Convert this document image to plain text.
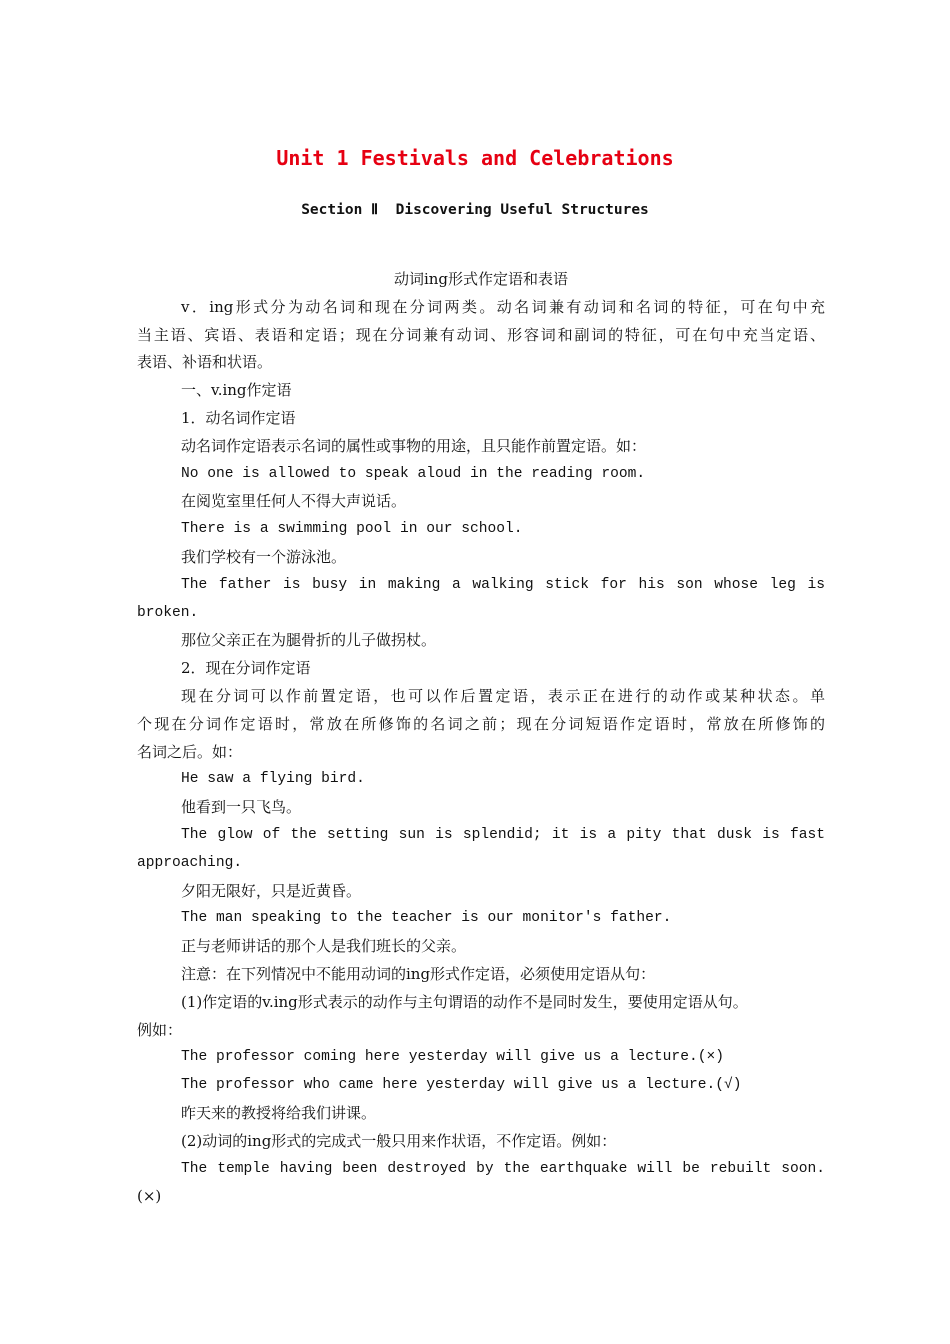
Unit 1 Festivals and Celebrations
Section Ⅱ  Discovering Useful Structures
动词ing形式作定语和表语
v．ing形式分为动名词和现在分词两类。动名词兼有动词和名词的特征，可在句中充
当主语、宾语、表语和定语；现在分词兼有动词、形容词和副词的特征，可在句中充当定语、
表语、补语和状语。
一、v.ing作定语
1．动名词作定语
动名词作定语表示名词的属性或事物的用途，且只能作前置定语。如：
No one is allowed to speak aloud in the reading room.
在阅览室里任何人不得大声说话。
There is a swimming pool in our school.
我们学校有一个游泳池。
The father is busy in making a walking stick for his son whose leg is
broken.
那位父亲正在为腿骨折的儿子做拐杖。
2．现在分词作定语
现在分词可以作前置定语，也可以作后置定语，表示正在进行的动作或某种状态。单
个现在分词作定语时，常放在所修饰的名词之前；现在分词短语作定语时，常放在所修饰的
名词之后。如：
He saw a flying bird.
他看到一只飞鸟。
The glow of the setting sun is splendid; it is a pity that dusk is fast
approaching.
夕阳无限好，只是近黄昏。
The man speaking to the teacher is our monitor's father.
正与老师讲话的那个人是我们班长的父亲。
注意：在下列情况中不能用动词的ing形式作定语，必须使用定语从句：
(1)作定语的v.ing形式表示的动作与主句谓语的动作不是同时发生，要使用定语从句。
例如：
The professor coming here yesterday will give us a lecture.(×)
The professor who came here yesterday will give us a lecture.(√)
昨天来的教授将给我们讲课。
(2)动词的ing形式的完成式一般只用来作状语，不作定语。例如：
The temple having been destroyed by the earthquake will be rebuilt soon.
(×)
